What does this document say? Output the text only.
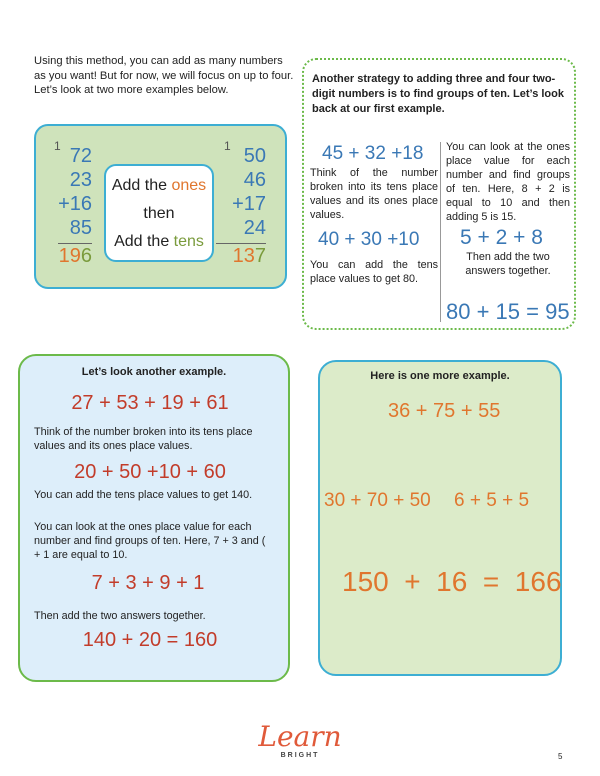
Using this method, you can add as many numbers
as you want! But for now, we will focus on up to four.
Let’s look at two more examples below.
1 72
23
+16
85
196
Add the ones
then
Add the tens
1 50
46
+17
24
137
Another strategy to adding three and four two-digit numbers is to find groups of ten. Let’s look back at our first example.
45 + 32 +18
Think of the number broken into its tens place values and its ones place values.
40 + 30 +10
You can add the tens place values to get 80.
You can look at the ones place value for each number and find groups of ten. Here, 8 + 2 is equal to 10 and then adding 5 is 15.
5 + 2 + 8
Then add the two answers together.
80 + 15 = 95
Let’s look another example.
27 + 53 + 19 + 61
Think of the number broken into its tens place values and its ones place values.
20 + 50 +10 + 60
You can add the tens place values to get 140.
You can look at the ones place value for each number and find groups of ten. Here, 7 + 3 and ( + 1 are equal to 10.
7 + 3 + 9 + 1
Then add the two answers together.
140 + 20 = 160
Here is one more example.
36 + 75 + 55
30 + 70 + 50 6 + 5 + 5
150  +  16  =  166
Learn
BRIGHT	5
